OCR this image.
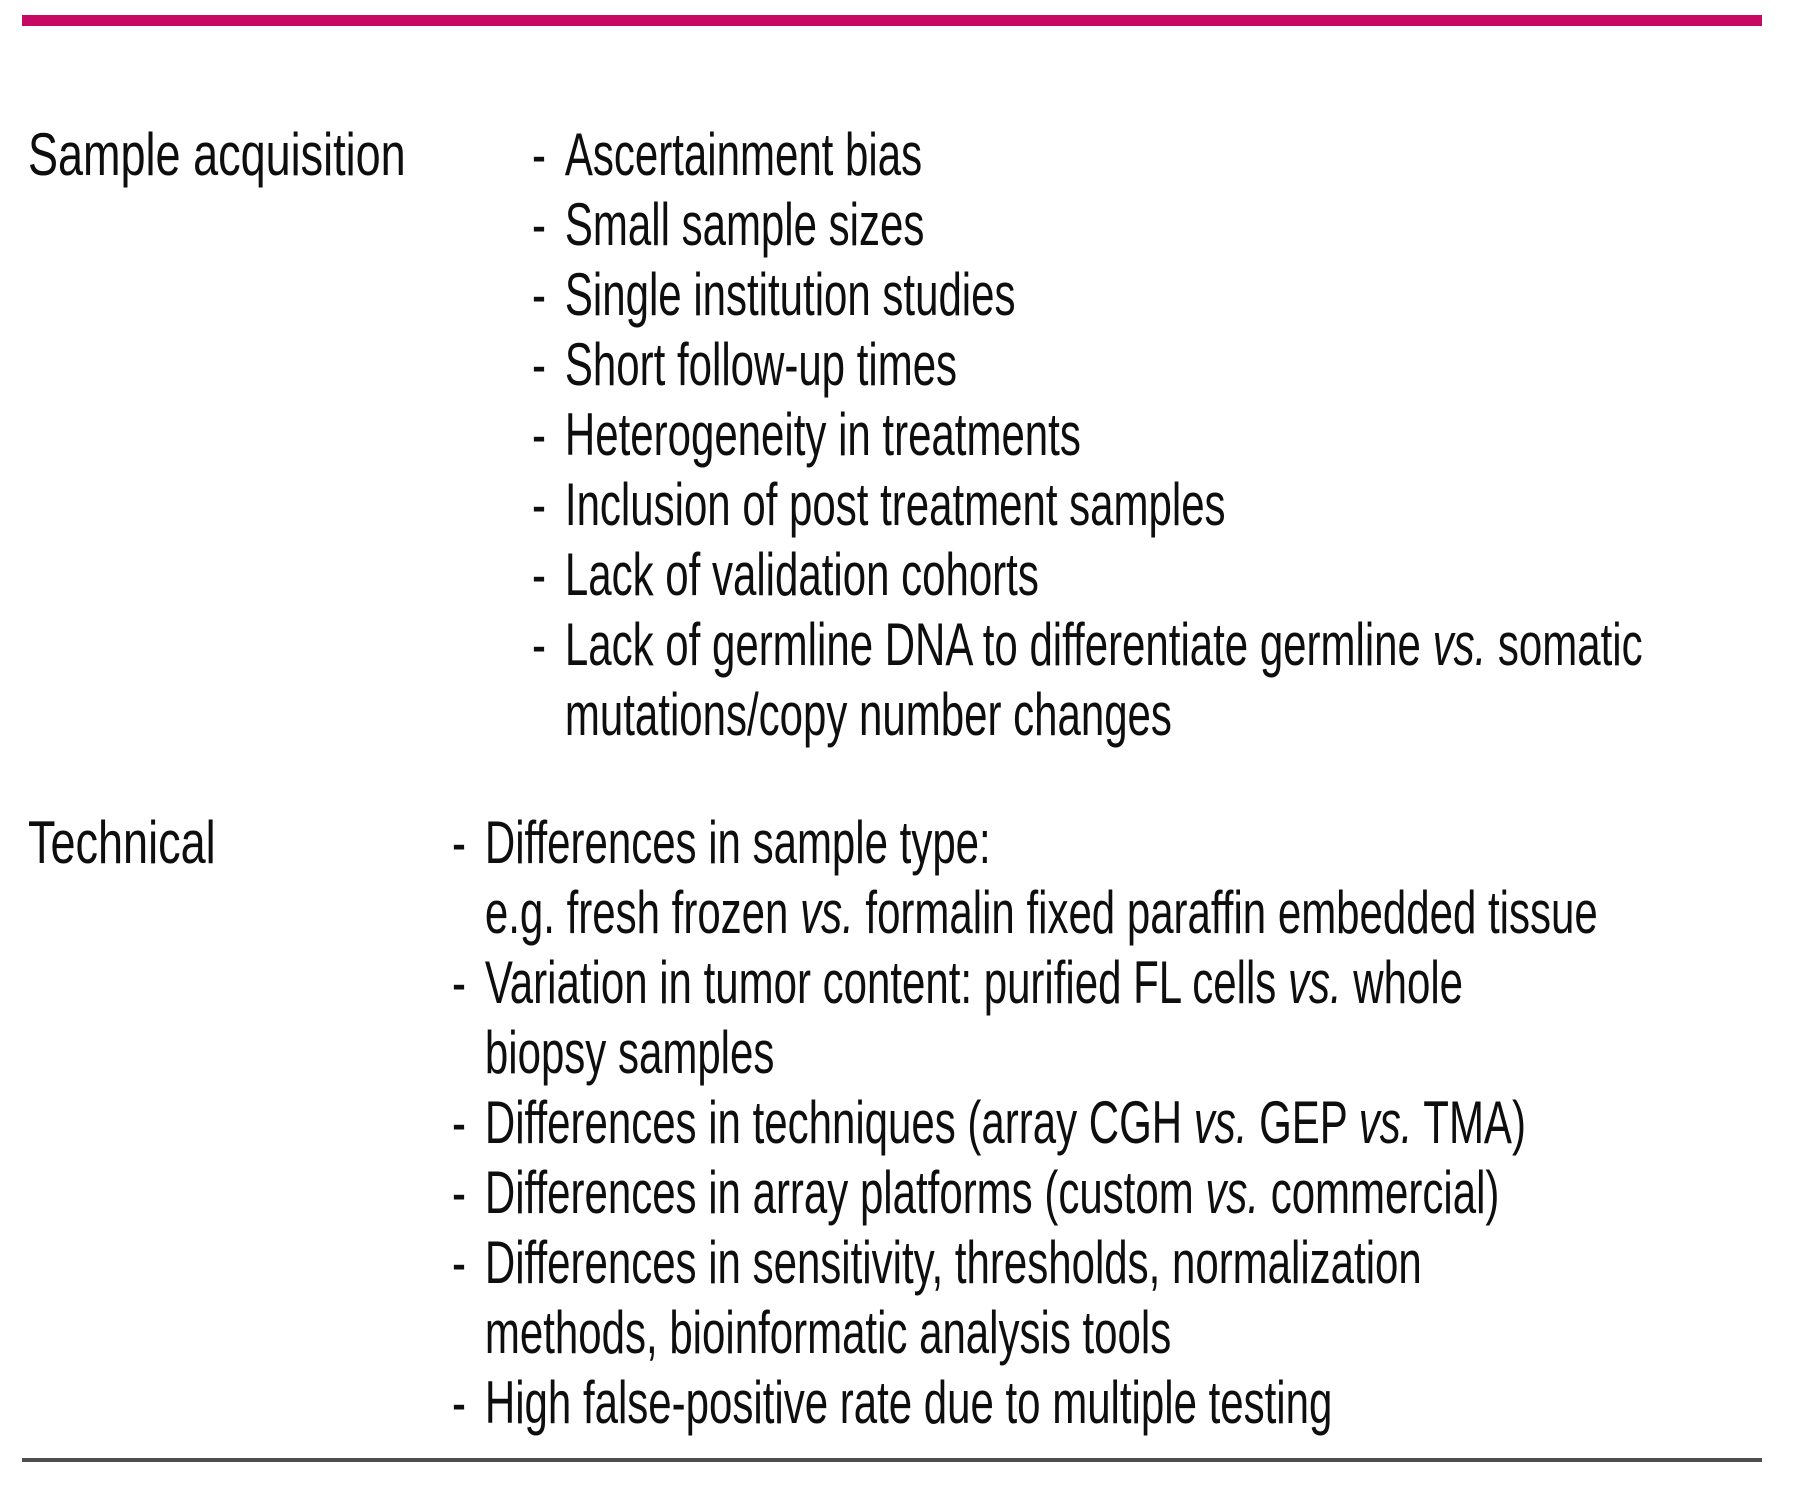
Sample acquisition - Ascertainment bias
- Small sample sizes
- Single institution studies
- Short follow-up times
- Heterogeneity in treatments
- Inclusion of post treatment samples
- Lack of validation cohorts
- Lack of germline DNA to differentiate germline vs. somatic
mutations/copy number changes
Technical	- Differences in sample type:
e.g. fresh frozen vs. formalin fixed paraffin embedded tissue
- Variation in tumor content: purified FL cells vs. whole
biopsy samples
- Differences in techniques (array CGH vs. GEP vs. TMA)
- Differences in array platforms (custom vs. commercial)
- Differences in sensitivity, thresholds, normalization
methods, bioinformatic analysis tools
- High false-positive rate due to multiple testing
